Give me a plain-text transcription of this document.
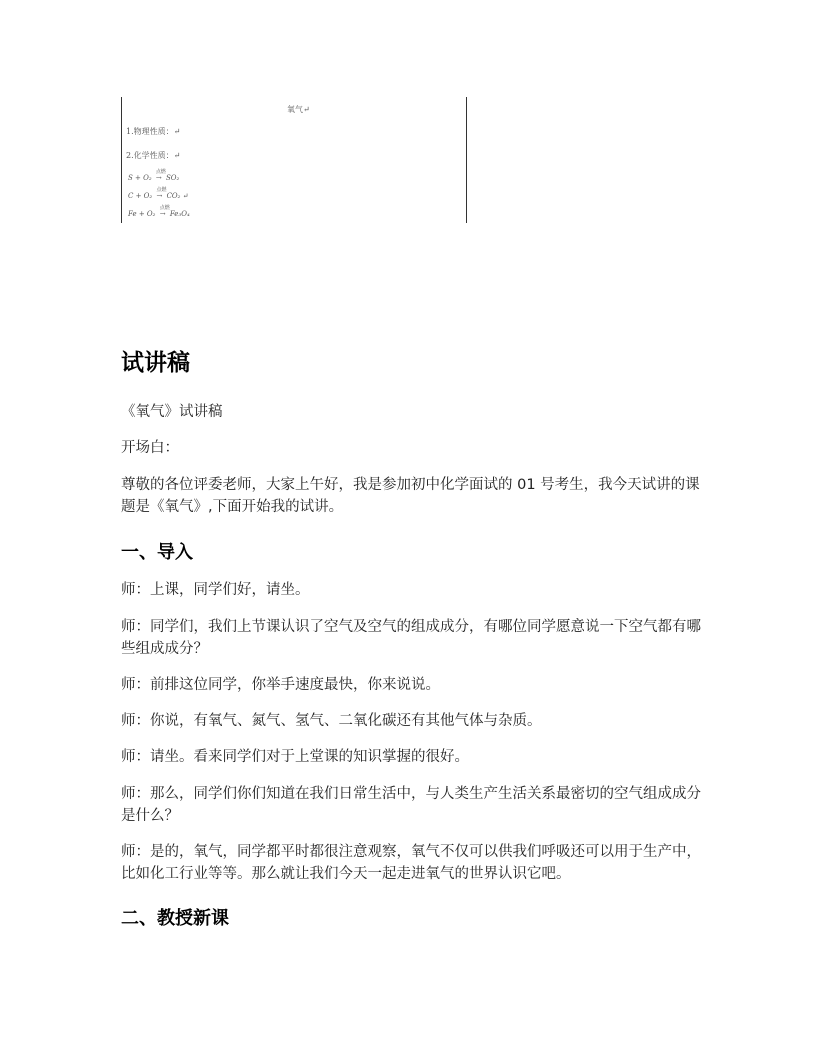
氧气↵
1.物理性质：↵
2.化学性质：↵
S + O₂ →
点燃
SO₂
C + O₂ →
点燃
CO₂ ↵
Fe + O₂ →
点燃
Fe₃O₄
试讲稿

《氧气》试讲稿

开场白：

尊敬的各位评委老师，大家上午好，我是参加初中化学面试的 01 号考生，我今天试讲的课题是《氧气》,下面开始我的试讲。

一、导入

师：上课，同学们好，请坐。

师：同学们，我们上节课认识了空气及空气的组成成分，有哪位同学愿意说一下空气都有哪些组成成分？

师：前排这位同学，你举手速度最快，你来说说。

师：你说，有氧气、氮气、氢气、二氧化碳还有其他气体与杂质。

师：请坐。看来同学们对于上堂课的知识掌握的很好。

师：那么，同学们你们知道在我们日常生活中，与人类生产生活关系最密切的空气组成成分是什么？

师：是的，氧气，同学都平时都很注意观察，氧气不仅可以供我们呼吸还可以用于生产中，比如化工行业等等。那么就让我们今天一起走进氧气的世界认识它吧。

二、教授新课
